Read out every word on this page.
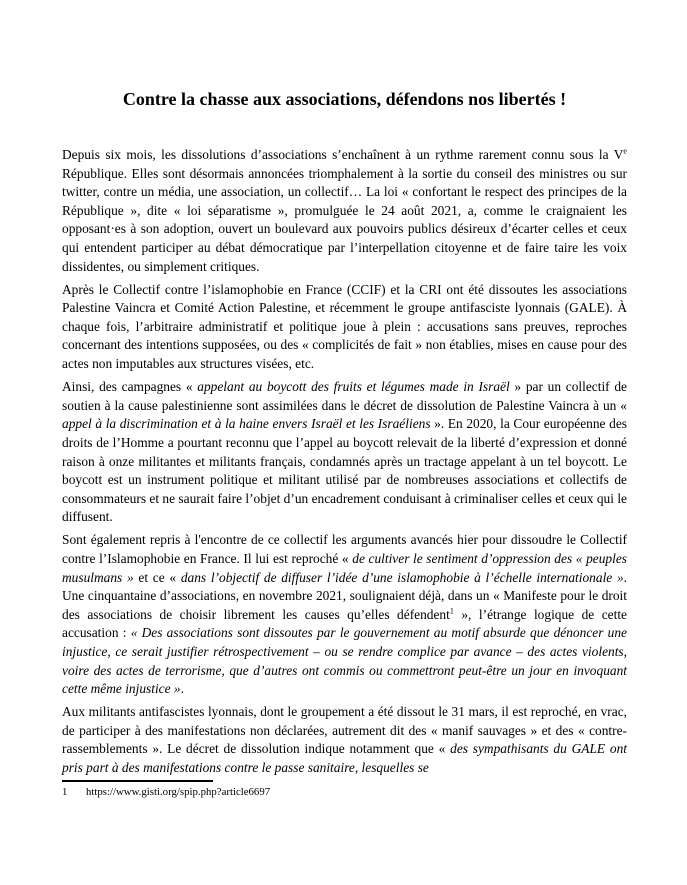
Contre la chasse aux associations, défendons nos libertés !

Depuis six mois, les dissolutions d’associations s’enchaînent à un rythme rarement connu sous la Ve République. Elles sont désormais annoncées triomphalement à la sortie du conseil des ministres ou sur twitter, contre un média, une association, un collectif… La loi « confortant le respect des principes de la République », dite « loi séparatisme », promulguée le 24 août 2021, a, comme le craignaient les opposant·es à son adoption, ouvert un boulevard aux pouvoirs publics désireux d’écarter celles et ceux qui entendent participer au débat démocratique par l’interpellation citoyenne et de faire taire les voix dissidentes, ou simplement critiques.

Après le Collectif contre l’islamophobie en France (CCIF) et la CRI ont été dissoutes les associations Palestine Vaincra et Comité Action Palestine, et récemment le groupe antifasciste lyonnais (GALE). À chaque fois, l’arbitraire administratif et politique joue à plein : accusations sans preuves, reproches concernant des intentions supposées, ou des « complicités de fait » non établies, mises en cause pour des actes non imputables aux structures visées, etc.

Ainsi, des campagnes « appelant au boycott des fruits et légumes made in Israël » par un collectif de soutien à la cause palestinienne sont assimilées dans le décret de dissolution de Palestine Vaincra à un « appel à la discrimination et à la haine envers Israël et les Israéliens ». En 2020, la Cour européenne des droits de l’Homme a pourtant reconnu que l’appel au boycott relevait de la liberté d’expression et donné raison à onze militantes et militants français, condamnés après un tractage appelant à un tel boycott. Le boycott est un instrument politique et militant utilisé par de nombreuses associations et collectifs de consommateurs et ne saurait faire l’objet d’un encadrement conduisant à criminaliser celles et ceux qui le diffusent.

Sont également repris à l'encontre de ce collectif les arguments avancés hier pour dissoudre le Collectif contre l’Islamophobie en France. Il lui est reproché « de cultiver le sentiment d’oppression des « peuples musulmans » et ce « dans l’objectif de diffuser l’idée d’une islamophobie à l’échelle internationale ». Une cinquantaine d’associations, en novembre 2021, soulignaient déjà, dans un « Manifeste pour le droit des associations de choisir librement les causes qu’elles défendent$^1$ », l’étrange logique de cette accusation : « Des associations sont dissoutes par le gouvernement au motif absurde que dénoncer une injustice, ce serait justifier rétrospectivement – ou se rendre complice par avance – des actes violents, voire des actes de terrorisme, que d’autres ont commis ou commettront peut-être un jour en invoquant cette même injustice ».

Aux militants antifascistes lyonnais, dont le groupement a été dissout le 31 mars, il est reproché, en vrac, de participer à des manifestations non déclarées, autrement dit des « manif sauvages » et des « contre-rassemblements ». Le décret de dissolution indique notamment que « des sympathisants du GALE ont pris part à des manifestations contre le passe sanitaire, lesquelles se

1	https://www.gisti.org/spip.php?article6697
